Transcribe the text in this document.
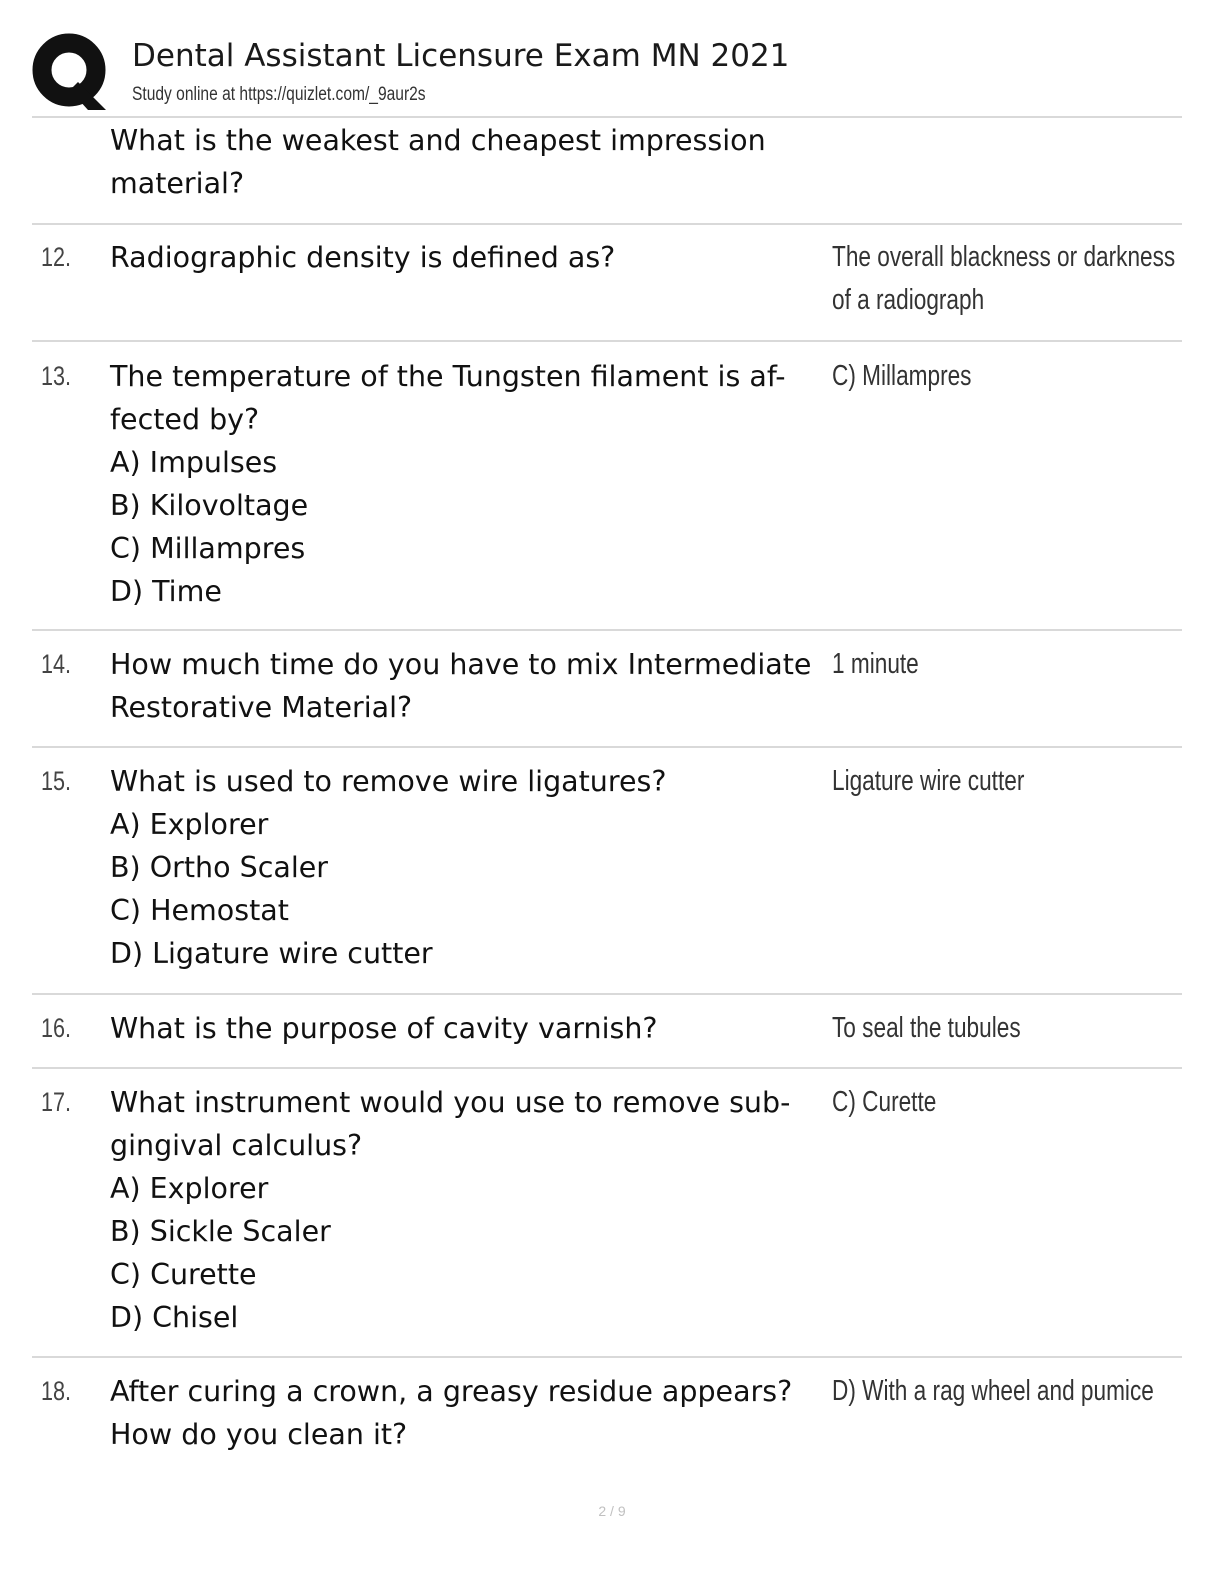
Dental Assistant Licensure Exam MN 2021
Study online at https://quizlet.com/_9aur2s
What is the weakest and cheapest impression
material?
12. Radiographic density is defined as?	The overall blackness or darkness
of a radiograph
13. The temperature of the Tungsten filament is af-
fected by?
A) Impulses
B) Kilovoltage
C) Millampres
D) Time
C) Millampres
14. How much time do you have to mix Intermediate
Restorative Material?
1 minute
15. What is used to remove wire ligatures?
A) Explorer
B) Ortho Scaler
C) Hemostat
D) Ligature wire cutter
Ligature wire cutter
16. What is the purpose of cavity varnish?	To seal the tubules
17. What instrument would you use to remove sub-
gingival calculus?
A) Explorer
B) Sickle Scaler
C) Curette
D) Chisel
C) Curette
18. After curing a crown, a greasy residue appears?
How do you clean it?
D) With a rag wheel and pumice
2 / 9
